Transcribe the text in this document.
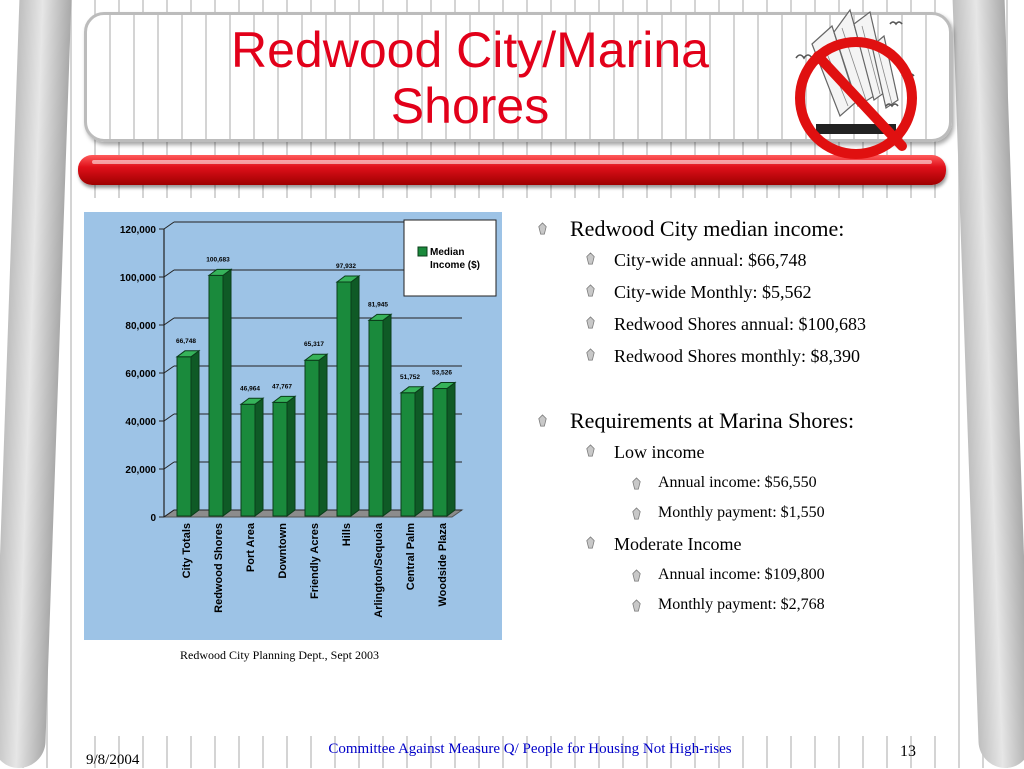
Redwood City/Marina
Shores
0
20,000
40,000
60,000
80,000
100,000
120,000
66,748
City Totals
100,683
Redwood Shores
46,964
Port Area
47,767
Downtown
65,317
Friendly Acres
97,932
Hills
81,945
Arlington/Sequoia
51,752
Central Palm
53,526
Woodside Plaza
Median
Income ($)
Redwood City Planning Dept., Sept 2003
Redwood City median income:
City-wide annual: $66,748
City-wide Monthly: $5,562
Redwood Shores annual: $100,683
Redwood Shores monthly: $8,390
Requirements at Marina Shores:
Low income
Annual income: $56,550
Monthly payment: $1,550
Moderate Income
Annual income: $109,800
Monthly payment: $2,768
9/8/2004
Committee Against Measure Q/ People for Housing Not High-rises	13
